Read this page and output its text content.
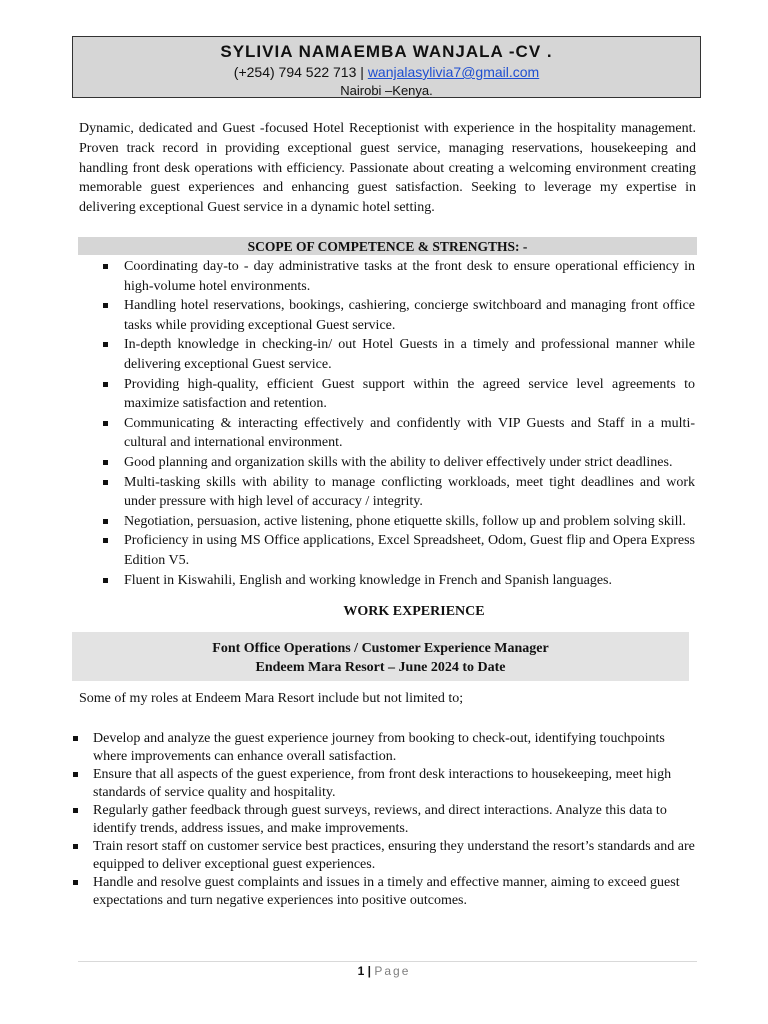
SYLIVIA NAMAEMBA WANJALA -CV .
(+254) 794 522 713 | wanjalasylivia7@gmail.com
Nairobi –Kenya.

Dynamic, dedicated and Guest -focused Hotel Receptionist with experience in the hospitality management. Proven track record in providing exceptional guest service, managing reservations, housekeeping and handling front desk operations with efficiency. Passionate about creating a welcoming environment creating memorable guest experiences and enhancing guest satisfaction. Seeking to leverage my expertise in delivering exceptional Guest service in a dynamic hotel setting.

SCOPE OF COMPETENCE & STRENGTHS: -
Coordinating day-to - day administrative tasks at the front desk to ensure operational efficiency in high-volume hotel environments.
Handling hotel reservations, bookings, cashiering, concierge switchboard and managing front office tasks while providing exceptional Guest service.
In-depth knowledge in checking-in/ out Hotel Guests in a timely and professional manner while delivering exceptional Guest service.
Providing high-quality, efficient Guest support within the agreed service level agreements to maximize satisfaction and retention.
Communicating & interacting effectively and confidently with VIP Guests and Staff in a multi-cultural and international environment.
Good planning and organization skills with the ability to deliver effectively under strict deadlines.
Multi-tasking skills with ability to manage conflicting workloads, meet tight deadlines and work under pressure with high level of accuracy / integrity.
Negotiation, persuasion, active listening, phone etiquette skills, follow up and problem solving skill.
Proficiency in using MS Office applications, Excel Spreadsheet, Odom, Guest flip and Opera Express Edition V5.
Fluent in Kiswahili, English and working knowledge in French and Spanish languages.
WORK EXPERIENCE
Font Office Operations / Customer Experience Manager
Endeem Mara Resort – June 2024 to Date

Some of my roles at Endeem Mara Resort include but not limited to;

Develop and analyze the guest experience journey from booking to check-out, identifying touchpoints where improvements can enhance overall satisfaction.
Ensure that all aspects of the guest experience, from front desk interactions to housekeeping, meet high standards of service quality and hospitality.
Regularly gather feedback through guest surveys, reviews, and direct interactions. Analyze this data to identify trends, address issues, and make improvements.
Train resort staff on customer service best practices, ensuring they understand the resort’s standards and are equipped to deliver exceptional guest experiences.
Handle and resolve guest complaints and issues in a timely and effective manner, aiming to exceed guest expectations and turn negative experiences into positive outcomes.
1 | Page
